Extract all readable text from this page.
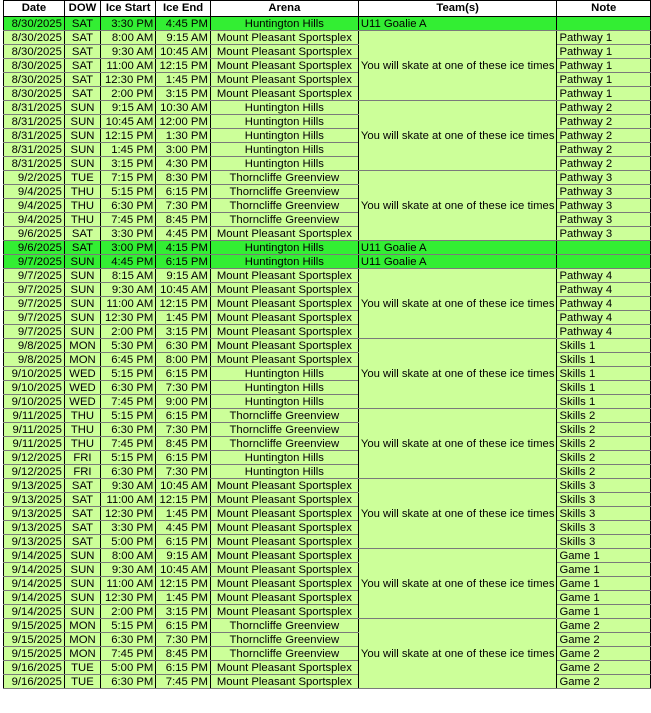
Date	DOW	Ice Start	Ice End	Arena	Team(s)	Note
8/30/2025	SAT	3:30 PM	4:45 PM	Huntington Hills	U11 Goalie A	
8/30/2025	SAT	8:00 AM	9:15 AM	Mount Pleasant Sportsplex	You will skate at one of these ice times	Pathway 1
8/30/2025	SAT	9:30 AM	10:45 AM	Mount Pleasant Sportsplex		Pathway 1
8/30/2025	SAT	11:00 AM	12:15 PM	Mount Pleasant Sportsplex		Pathway 1
8/30/2025	SAT	12:30 PM	1:45 PM	Mount Pleasant Sportsplex		Pathway 1
8/30/2025	SAT	2:00 PM	3:15 PM	Mount Pleasant Sportsplex		Pathway 1
8/31/2025	SUN	9:15 AM	10:30 AM	Huntington Hills	You will skate at one of these ice times	Pathway 2
8/31/2025	SUN	10:45 AM	12:00 PM	Huntington Hills		Pathway 2
8/31/2025	SUN	12:15 PM	1:30 PM	Huntington Hills		Pathway 2
8/31/2025	SUN	1:45 PM	3:00 PM	Huntington Hills		Pathway 2
8/31/2025	SUN	3:15 PM	4:30 PM	Huntington Hills		Pathway 2
9/2/2025	TUE	7:15 PM	8:30 PM	Thorncliffe Greenview	You will skate at one of these ice times	Pathway 3
9/4/2025	THU	5:15 PM	6:15 PM	Thorncliffe Greenview		Pathway 3
9/4/2025	THU	6:30 PM	7:30 PM	Thorncliffe Greenview		Pathway 3
9/4/2025	THU	7:45 PM	8:45 PM	Thorncliffe Greenview		Pathway 3
9/6/2025	SAT	3:30 PM	4:45 PM	Mount Pleasant Sportsplex		Pathway 3
9/6/2025	SAT	3:00 PM	4:15 PM	Huntington Hills	U11 Goalie A	
9/7/2025	SUN	4:45 PM	6:15 PM	Huntington Hills	U11 Goalie A	
9/7/2025	SUN	8:15 AM	9:15 AM	Mount Pleasant Sportsplex	You will skate at one of these ice times	Pathway 4
9/7/2025	SUN	9:30 AM	10:45 AM	Mount Pleasant Sportsplex		Pathway 4
9/7/2025	SUN	11:00 AM	12:15 PM	Mount Pleasant Sportsplex		Pathway 4
9/7/2025	SUN	12:30 PM	1:45 PM	Mount Pleasant Sportsplex		Pathway 4
9/7/2025	SUN	2:00 PM	3:15 PM	Mount Pleasant Sportsplex		Pathway 4
9/8/2025	MON	5:30 PM	6:30 PM	Mount Pleasant Sportsplex	You will skate at one of these ice times	Skills 1
9/8/2025	MON	6:45 PM	8:00 PM	Mount Pleasant Sportsplex		Skills 1
9/10/2025	WED	5:15 PM	6:15 PM	Huntington Hills		Skills 1
9/10/2025	WED	6:30 PM	7:30 PM	Huntington Hills		Skills 1
9/10/2025	WED	7:45 PM	9:00 PM	Huntington Hills		Skills 1
9/11/2025	THU	5:15 PM	6:15 PM	Thorncliffe Greenview	You will skate at one of these ice times	Skills 2
9/11/2025	THU	6:30 PM	7:30 PM	Thorncliffe Greenview		Skills 2
9/11/2025	THU	7:45 PM	8:45 PM	Thorncliffe Greenview		Skills 2
9/12/2025	FRI	5:15 PM	6:15 PM	Huntington Hills		Skills 2
9/12/2025	FRI	6:30 PM	7:30 PM	Huntington Hills		Skills 2
9/13/2025	SAT	9:30 AM	10:45 AM	Mount Pleasant Sportsplex	You will skate at one of these ice times	Skills 3
9/13/2025	SAT	11:00 AM	12:15 PM	Mount Pleasant Sportsplex		Skills 3
9/13/2025	SAT	12:30 PM	1:45 PM	Mount Pleasant Sportsplex		Skills 3
9/13/2025	SAT	3:30 PM	4:45 PM	Mount Pleasant Sportsplex		Skills 3
9/13/2025	SAT	5:00 PM	6:15 PM	Mount Pleasant Sportsplex		Skills 3
9/14/2025	SUN	8:00 AM	9:15 AM	Mount Pleasant Sportsplex	You will skate at one of these ice times	Game 1
9/14/2025	SUN	9:30 AM	10:45 AM	Mount Pleasant Sportsplex		Game 1
9/14/2025	SUN	11:00 AM	12:15 PM	Mount Pleasant Sportsplex		Game 1
9/14/2025	SUN	12:30 PM	1:45 PM	Mount Pleasant Sportsplex		Game 1
9/14/2025	SUN	2:00 PM	3:15 PM	Mount Pleasant Sportsplex		Game 1
9/15/2025	MON	5:15 PM	6:15 PM	Thorncliffe Greenview	You will skate at one of these ice times	Game 2
9/15/2025	MON	6:30 PM	7:30 PM	Thorncliffe Greenview		Game 2
9/15/2025	MON	7:45 PM	8:45 PM	Thorncliffe Greenview		Game 2
9/16/2025	TUE	5:00 PM	6:15 PM	Mount Pleasant Sportsplex		Game 2
9/16/2025	TUE	6:30 PM	7:45 PM	Mount Pleasant Sportsplex		Game 2
